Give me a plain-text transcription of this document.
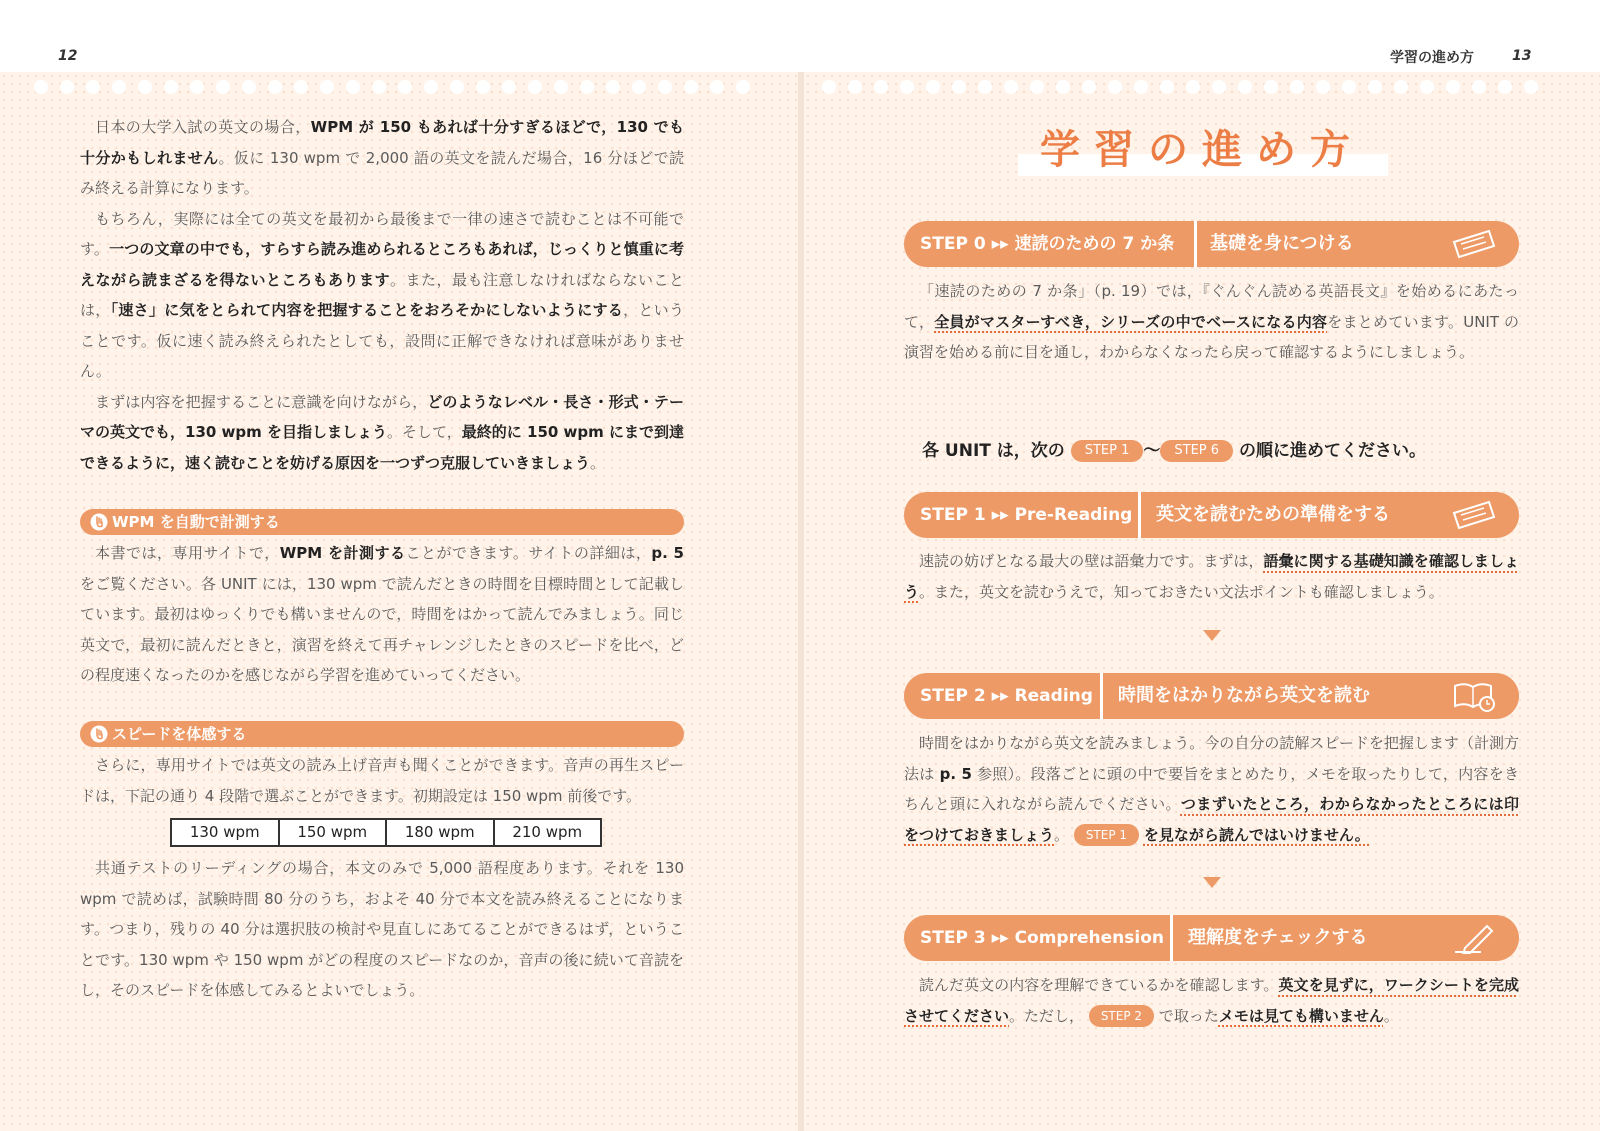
12	学習の進め方	13

日本の大学入試の英文の場合，WPM が 150 もあれば十分すぎるほどで，130 でも十分かもしれません。仮に 130 wpm で 2,000 語の英文を読んだ場合，16 分ほどで読み終える計算になります。

もちろん，実際には全ての英文を最初から最後まで一律の速さで読むことは不可能です。一つの文章の中でも，すらすら読み進められるところもあれば，じっくりと慎重に考えながら読まざるを得ないところもあります。また，最も注意しなければならないことは，「速さ」に気をとられて内容を把握することをおろそかにしないようにする，ということです。仮に速く読み終えられたとしても，設問に正解できなければ意味がありません。

まずは内容を把握することに意識を向けながら，どのようなレベル・長さ・形式・テーマの英文でも，130 wpm を目指しましょう。そして，最終的に 150 wpm にまで到達できるように，速く読むことを妨げる原因を一つずつ克服していきましょう。

WPM を自動で計測する

本書では，専用サイトで，WPM を計測することができます。サイトの詳細は，p. 5 をご覧ください。各 UNIT には，130 wpm で読んだときの時間を目標時間として記載しています。最初はゆっくりでも構いませんので，時間をはかって読んでみましょう。同じ英文で，最初に読んだときと，演習を終えて再チャレンジしたときのスピードを比べ，どの程度速くなったのかを感じながら学習を進めていってください。

スピードを体感する

さらに，専用サイトでは英文の読み上げ音声も聞くことができます。音声の再生スピードは，下記の通り 4 段階で選ぶことができます。初期設定は 150 wpm 前後です。

130 wpm	150 wpm	180 wpm	210 wpm

共通テストのリーディングの場合，本文のみで 5,000 語程度あります。それを 130 wpm で読めば，試験時間 80 分のうち，およそ 40 分で本文を読み終えることになります。つまり，残りの 40 分は選択肢の検討や見直しにあてることができるはず，ということです。130 wpm や 150 wpm がどの程度のスピードなのか，音声の後に続いて音読をし，そのスピードを体感してみるとよいでしょう。

学習の進め方
STEP 0 ▸▸ 速読のための 7 か条 基礎を身につける

「速読のための 7 か条」（p. 19）では，『ぐんぐん読める英語長文』を始めるにあたって，全員がマスターすべき，シリーズの中でベースになる内容をまとめています。UNIT の演習を始める前に目を通し，わからなくなったら戻って確認するようにしましょう。

各 UNIT は，次の STEP 1 ～ STEP 6 の順に進めてください。
STEP 1 ▸▸ Pre-Reading 英文を読むための準備をする

速読の妨げとなる最大の壁は語彙力です。まずは，語彙に関する基礎知識を確認しましょう。また，英文を読むうえで，知っておきたい文法ポイントも確認しましょう。

STEP 2 ▸▸ Reading 時間をはかりながら英文を読む

時間をはかりながら英文を読みましょう。今の自分の読解スピードを把握します（計測方法は p. 5 参照）。段落ごとに頭の中で要旨をまとめたり，メモを取ったりして，内容をきちんと頭に入れながら読んでください。つまずいたところ，わからなかったところには印をつけておきましょう。 STEP 1 を見ながら読んではいけません。

STEP 3 ▸▸ Comprehension 理解度をチェックする

読んだ英文の内容を理解できているかを確認します。英文を見ずに，ワークシートを完成させてください。ただし， STEP 2 で取ったメモは見ても構いません。
